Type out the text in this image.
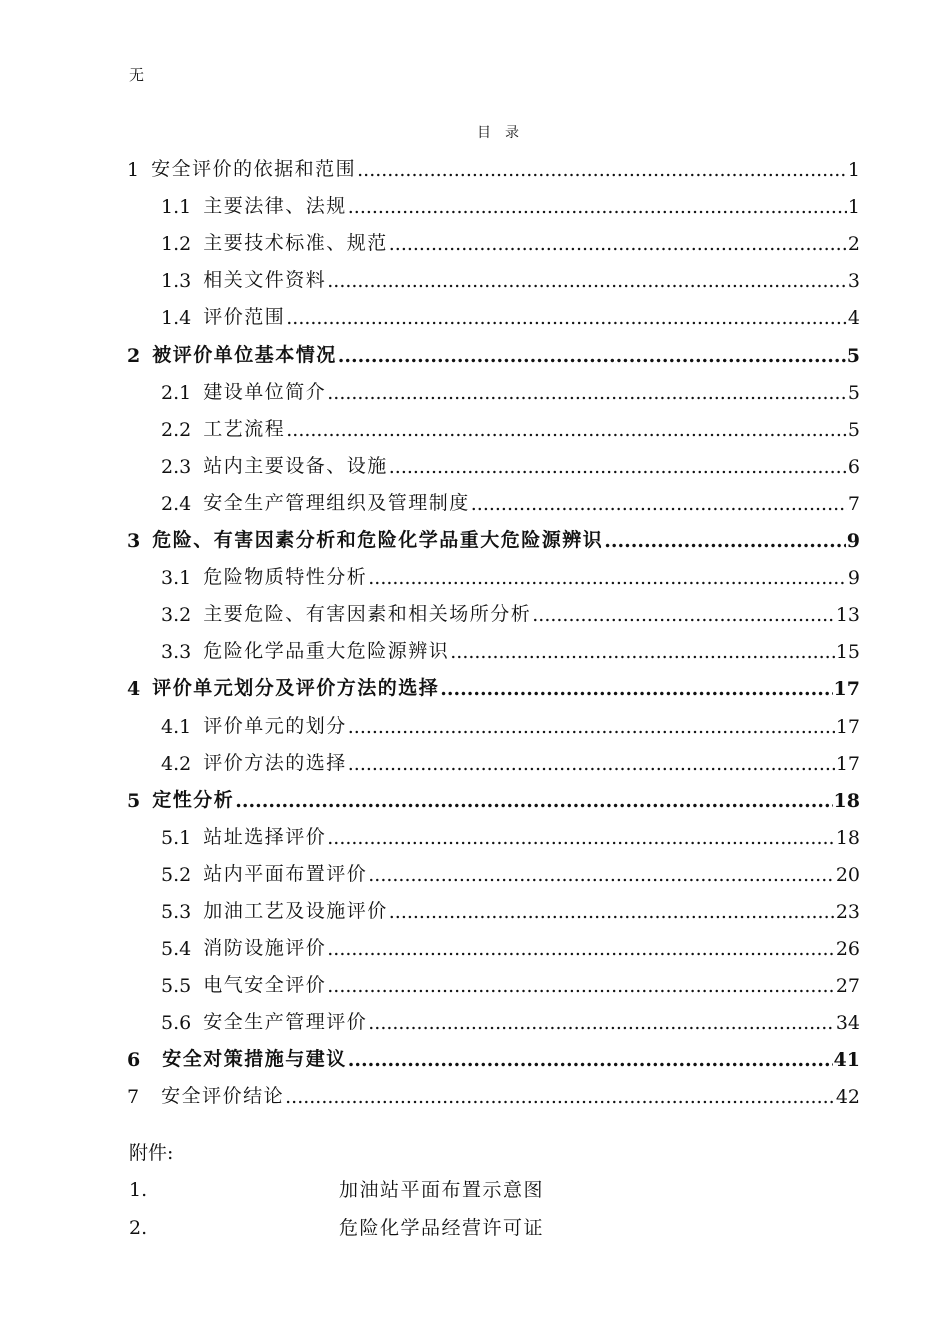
无
目录
1 安全评价的依据和范围 .....	1
1.1 主要法律、法规 .....	1
1.2 主要技术标准、规范 .....	2
1.3 相关文件资料 .....	3
1.4 评价范围 .....	4
2 被评价单位基本情况 .....	5
2.1 建设单位简介 .....	5
2.2 工艺流程 .....	5
2.3 站内主要设备、设施 .....	6
2.4 安全生产管理组织及管理制度 .....	7
3 危险、有害因素分析和危险化学品重大危险源辨识 .....	9
3.1 危险物质特性分析 .....	9
3.2 主要危险、有害因素和相关场所分析 .....	13
3.3 危险化学品重大危险源辨识 .....	15
4 评价单元划分及评价方法的选择 .....	17
4.1 评价单元的划分 .....	17
4.2 评价方法的选择 .....	17
5 定性分析 .....	18
5.1 站址选择评价 .....	18
5.2 站内平面布置评价 .....	20
5.3 加油工艺及设施评价 .....	23
5.4 消防设施评价 .....	26
5.5 电气安全评价 .....	27
5.6 安全生产管理评价 .....	34
6 安全对策措施与建议 .....	41
7 安全评价结论 .....	42
附件:
1.	加油站平面布置示意图
2.	危险化学品经营许可证
